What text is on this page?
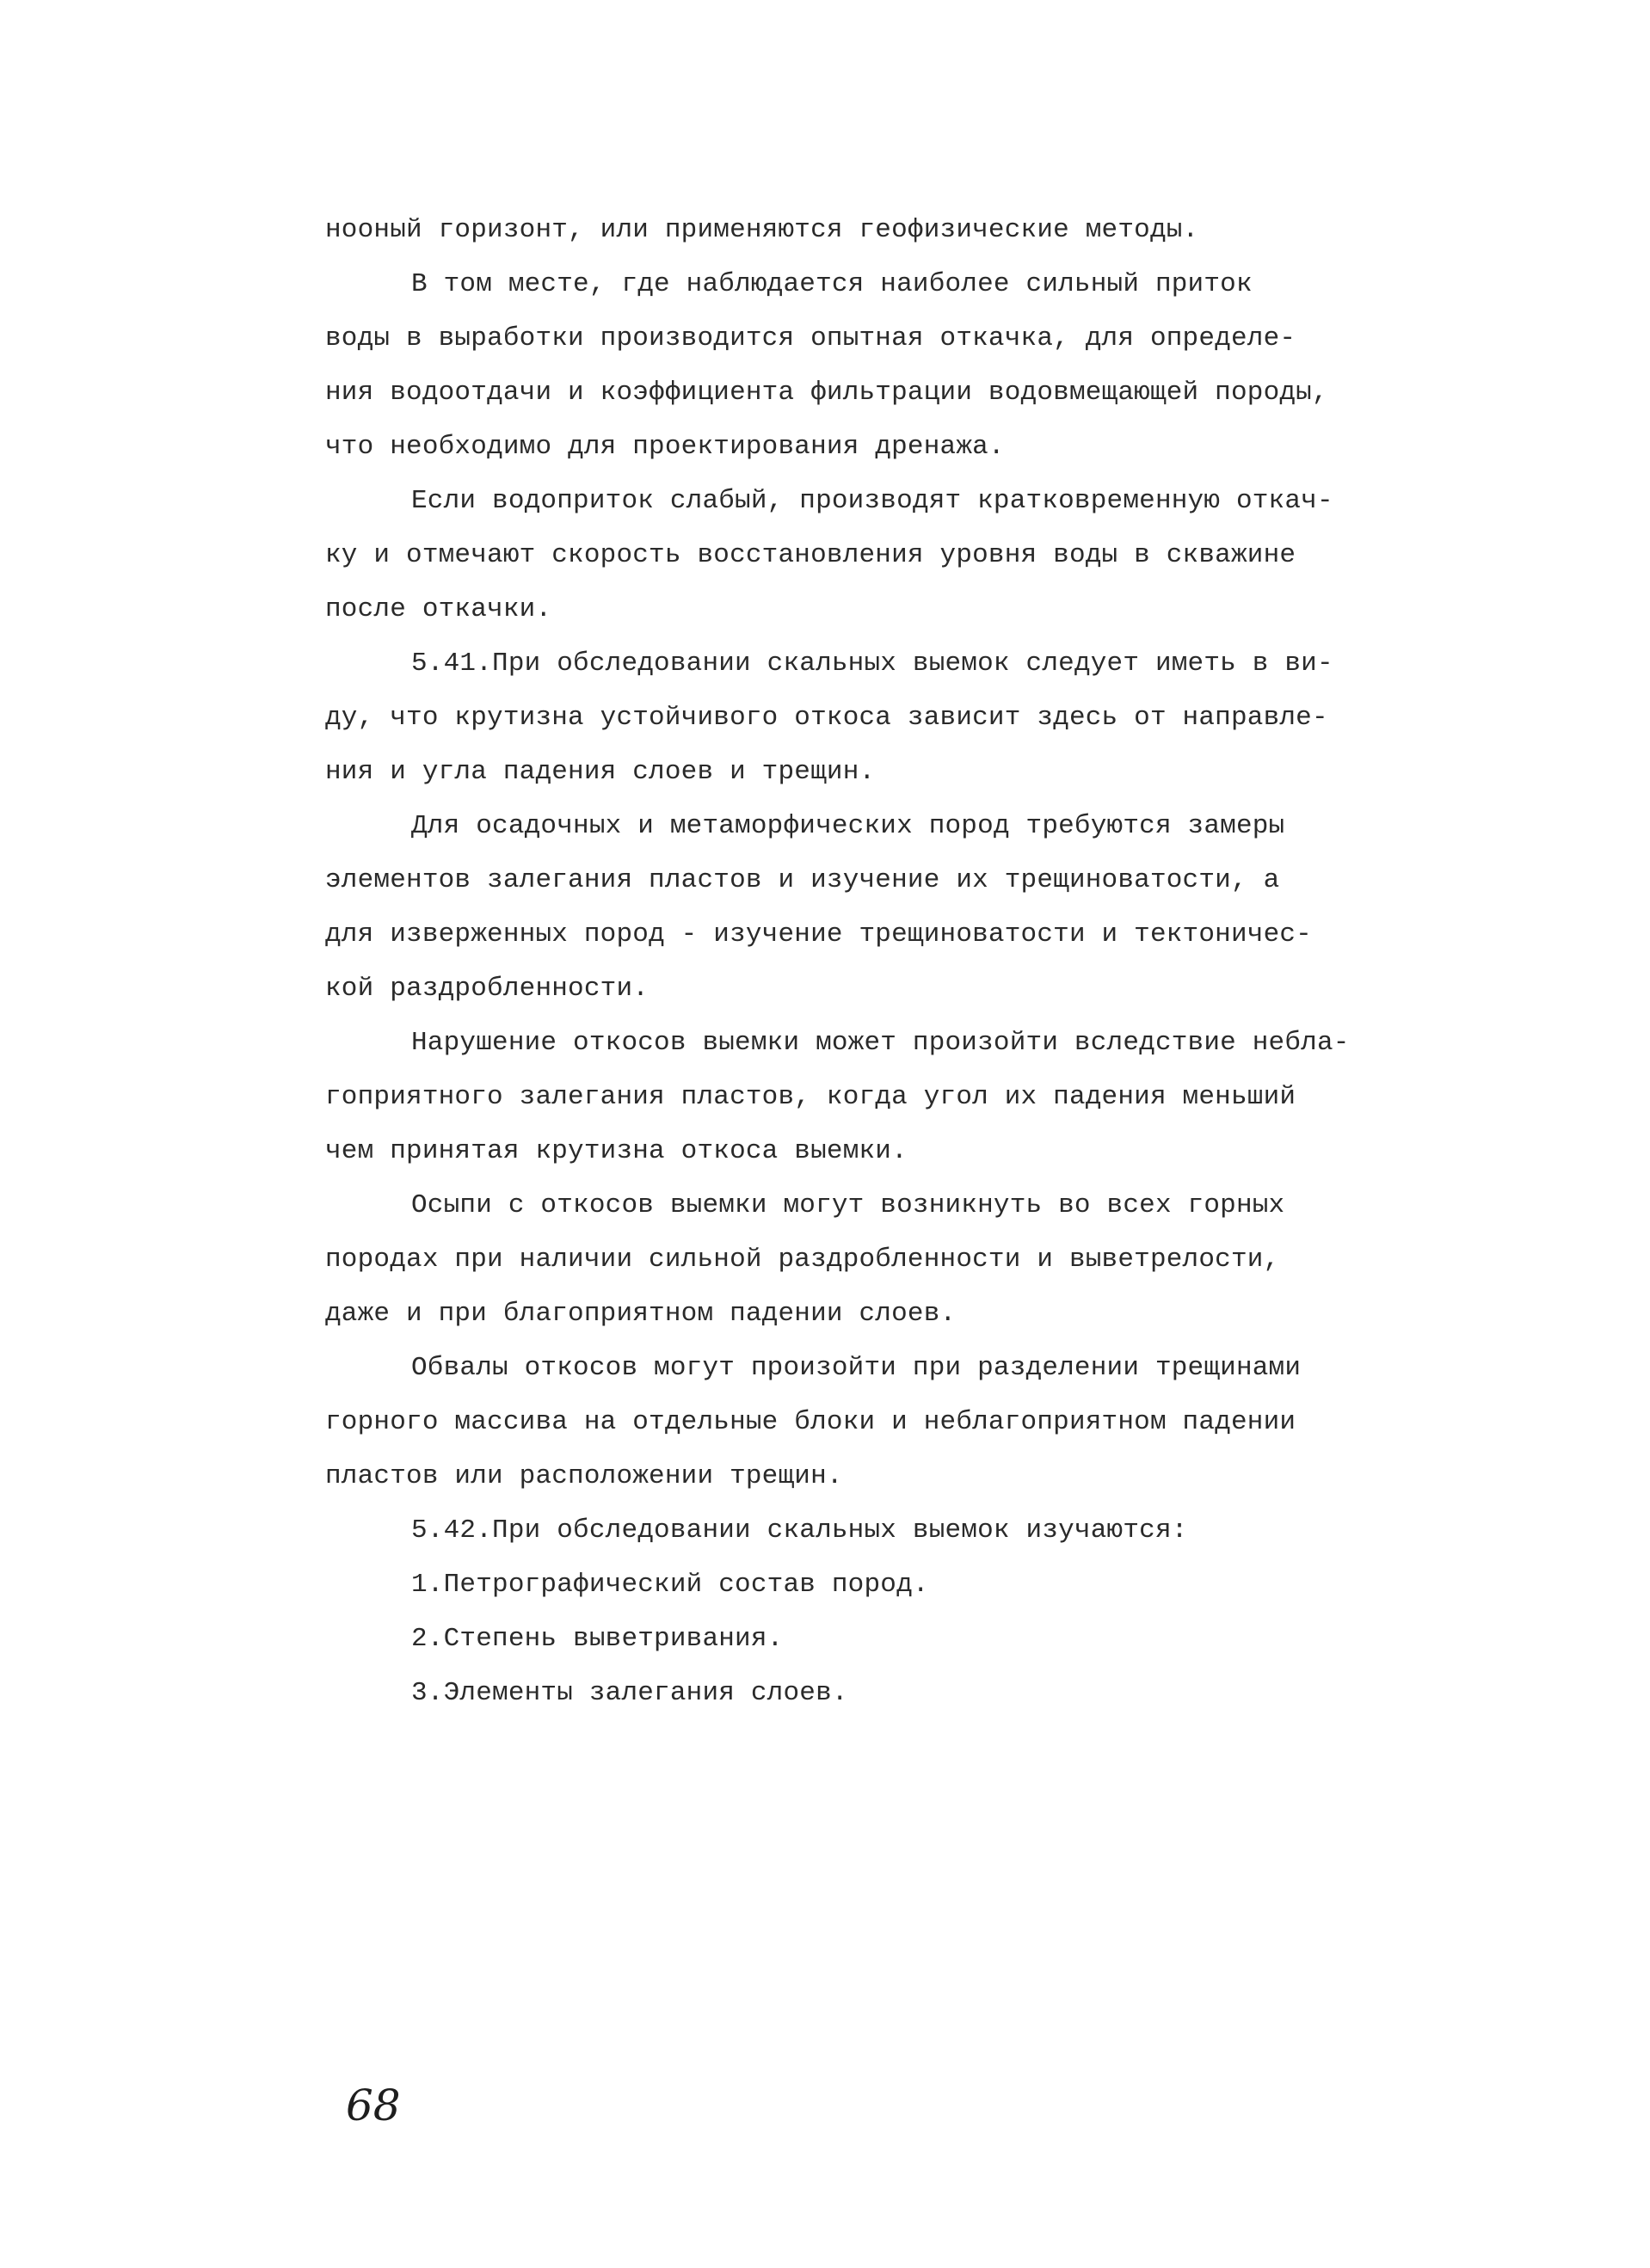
нооный горизонт, или применяются геофизические методы.
В том месте, где наблюдается наиболее сильный приток
воды в выработки производится опытная откачка, для определе-
ния водоотдачи и коэффициента фильтрации водовмещающей породы,
что необходимо для проектирования дренажа.
Если водоприток слабый, производят кратковременную откач-
ку и отмечают скорость восстановления уровня воды в скважине
после откачки.
5.41.При обследовании скальных выемок следует иметь в ви-
ду, что крутизна устойчивого откоса зависит здесь от направле-
ния и угла падения слоев и трещин.
Для осадочных и метаморфических пород требуются замеры
элементов залегания пластов и изучение их трещиноватости, а
для изверженных пород - изучение трещиноватости и тектоничес-
кой раздробленности.
Нарушение откосов выемки может произойти вследствие небла-
гоприятного залегания пластов, когда угол их падения меньший
чем принятая крутизна откоса выемки.
Осыпи с откосов выемки могут возникнуть во всех горных
породах при наличии сильной раздробленности и выветрелости,
даже и при благоприятном падении слоев.
Обвалы откосов могут произойти при разделении трещинами
горного массива на отдельные блоки и неблагоприятном падении
пластов или расположении трещин.
5.42.При обследовании скальных выемок изучаются:
1.Петрографический состав пород.
2.Степень выветривания.
3.Элементы залегания слоев.
68
